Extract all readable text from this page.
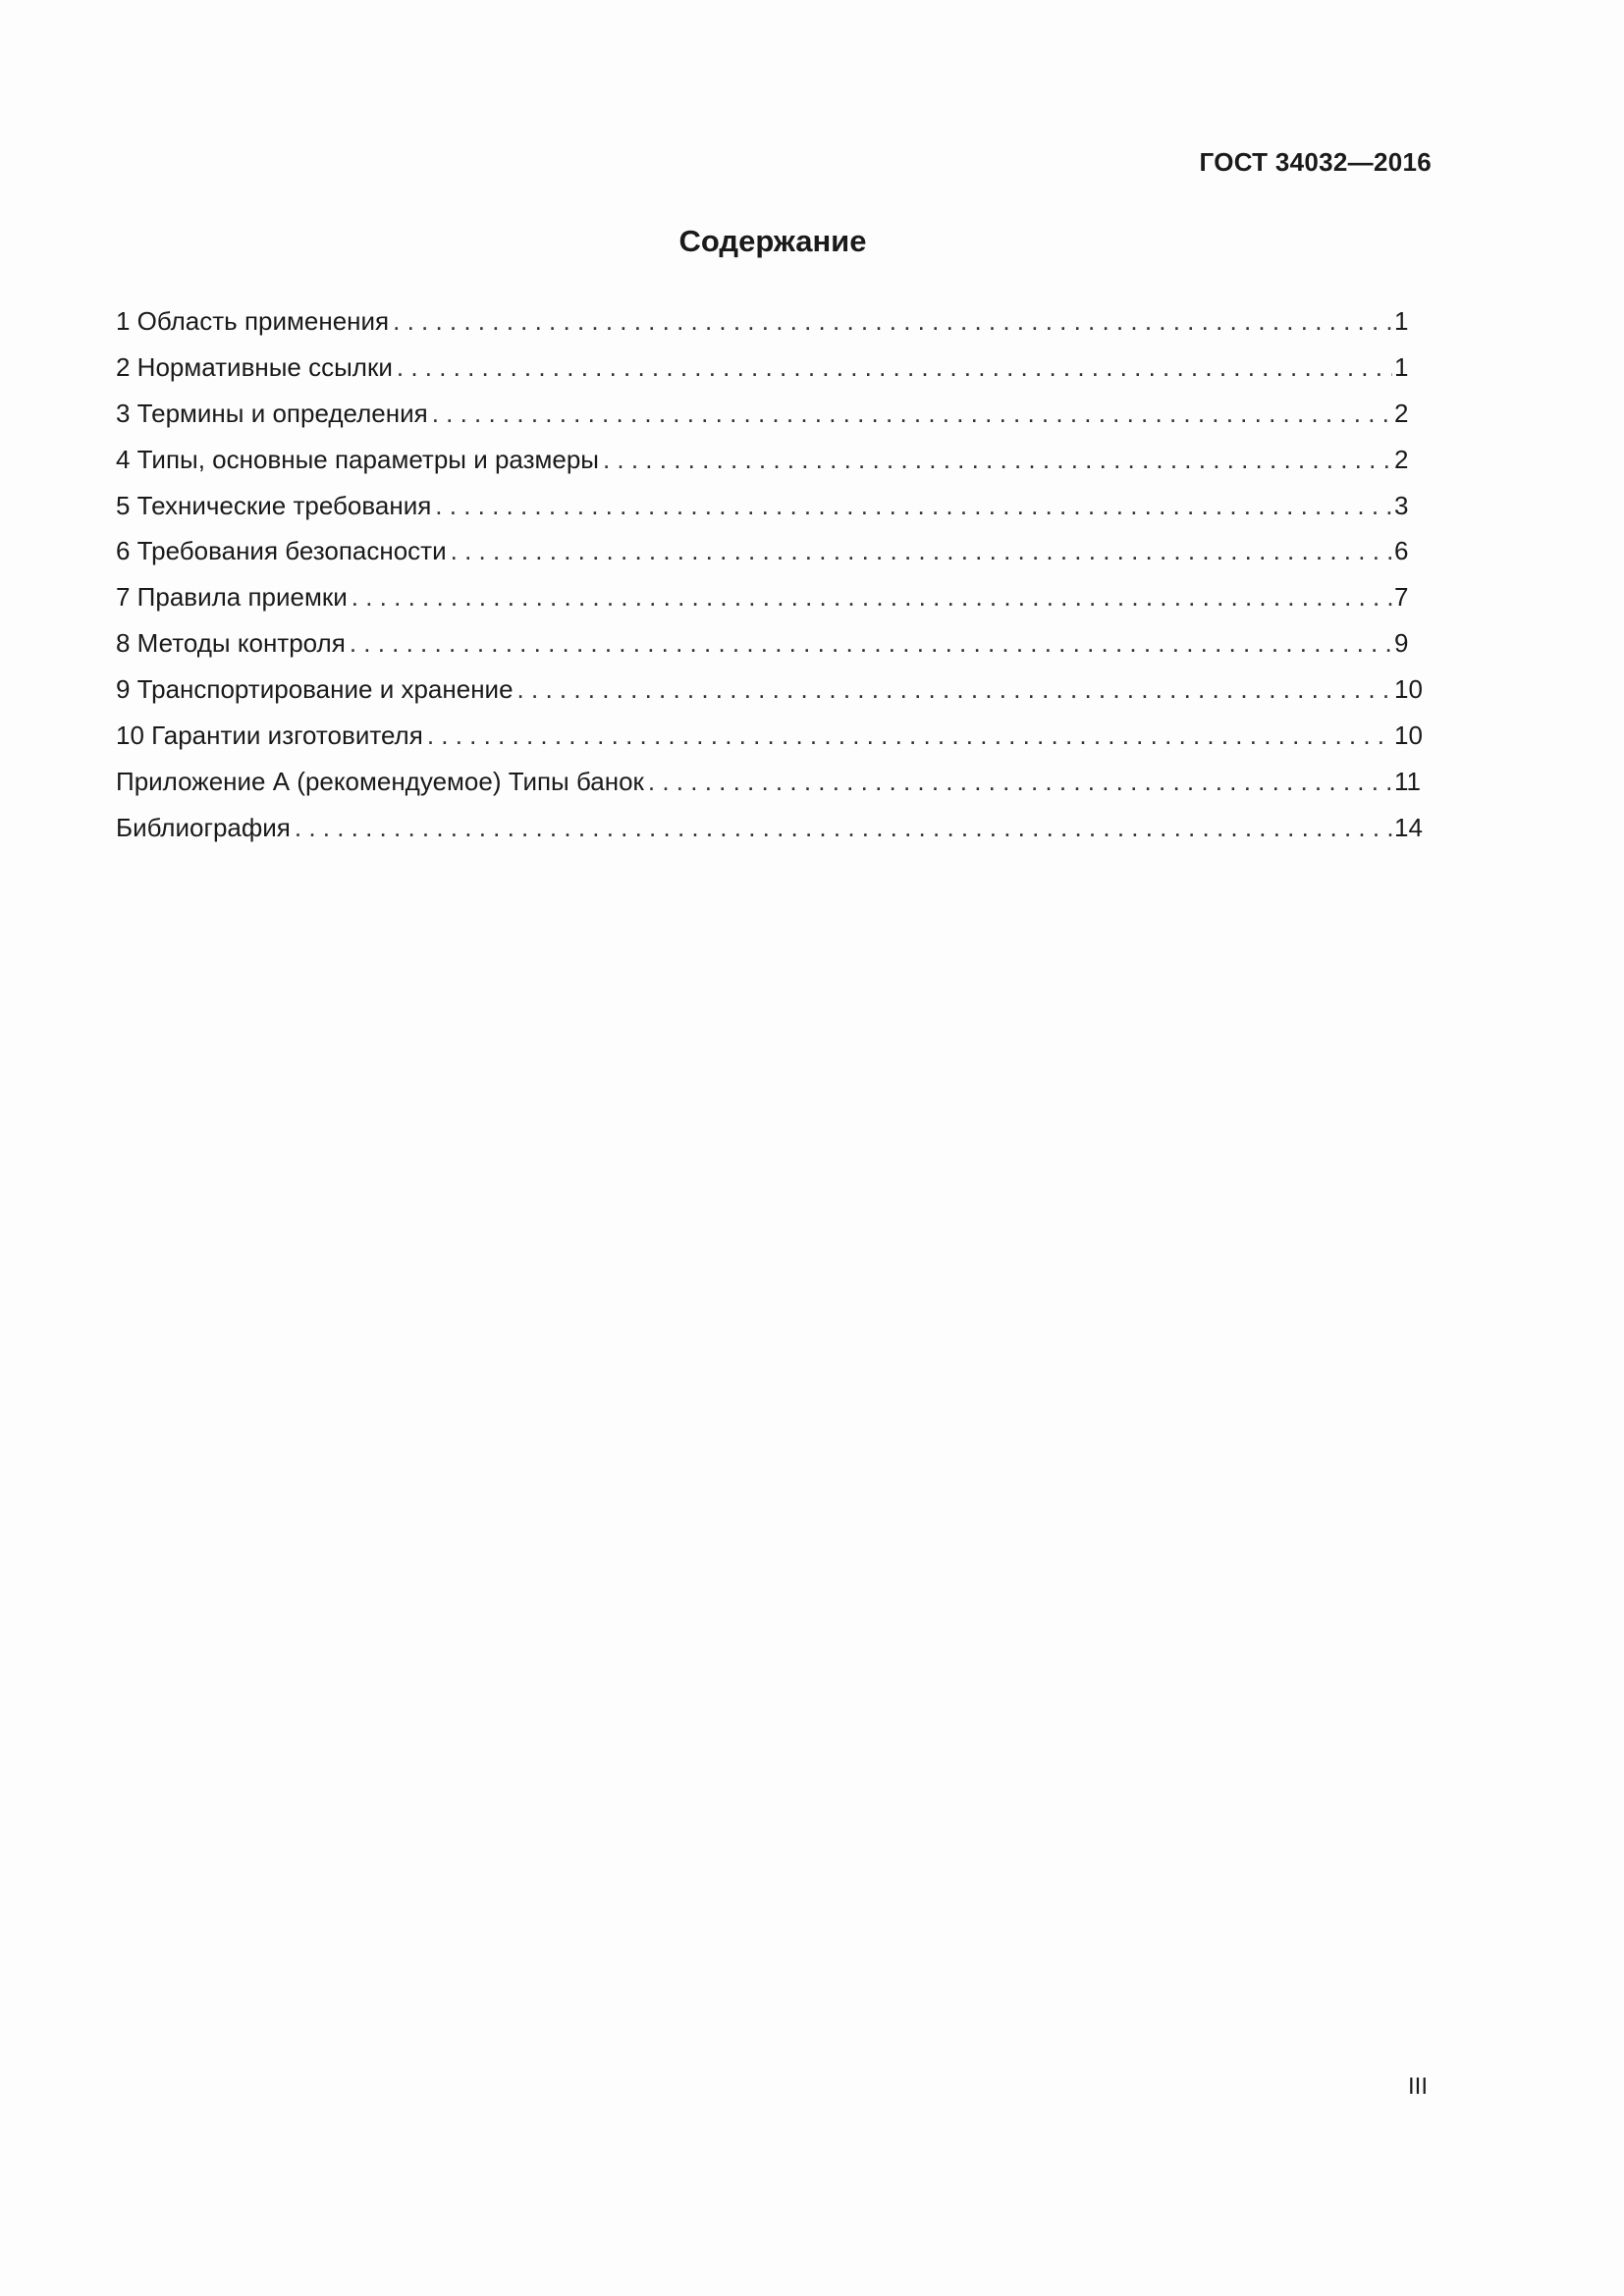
ГОСТ 34032—2016
Содержание
1 Область применения . . .	1
2 Нормативные ссылки . . .	1
3 Термины и определения . . .	2
4 Типы, основные параметры и размеры . . .	2
5 Технические требования . . .	3
6 Требования безопасности . . .	6
7 Правила приемки . . .	7
8 Методы контроля . . .	9
9 Транспортирование и хранение . . .	10
10 Гарантии изготовителя . . .	10
Приложение А (рекомендуемое) Типы банок . . .	11
Библиография . . .	14
III
